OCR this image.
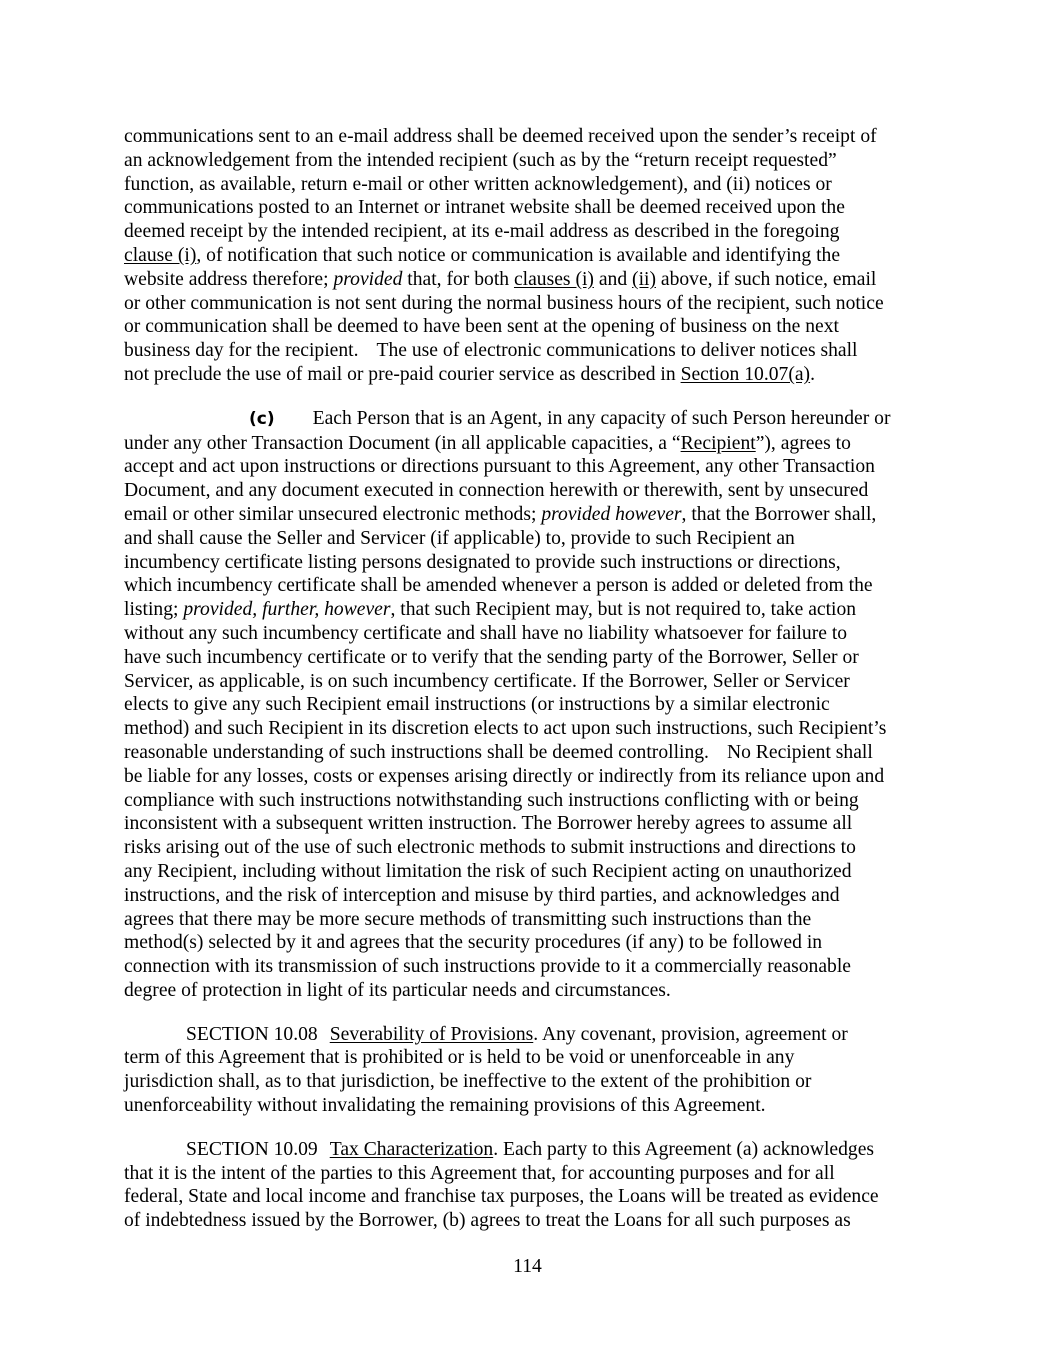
communications sent to an e-mail address shall be deemed received upon the sender’s receipt of
an acknowledgement from the intended recipient (such as by the “return receipt requested”
function, as available, return e-mail or other written acknowledgement), and (ii) notices or
communications posted to an Internet or intranet website shall be deemed received upon the
deemed receipt by the intended recipient, at its e-mail address as described in the foregoing
clause (i), of notification that such notice or communication is available and identifying the
website address therefore; provided that, for both clauses (i) and (ii) above, if such notice, email
or other communication is not sent during the normal business hours of the recipient, such notice
or communication shall be deemed to have been sent at the opening of business on the next
business day for the recipient. The use of electronic communications to deliver notices shall
not preclude the use of mail or pre-paid courier service as described in Section 10.07(a).
(c) Each Person that is an Agent, in any capacity of such Person hereunder or
under any other Transaction Document (in all applicable capacities, a “Recipient”), agrees to
accept and act upon instructions or directions pursuant to this Agreement, any other Transaction
Document, and any document executed in connection herewith or therewith, sent by unsecured
email or other similar unsecured electronic methods; provided however, that the Borrower shall,
and shall cause the Seller and Servicer (if applicable) to, provide to such Recipient an
incumbency certificate listing persons designated to provide such instructions or directions,
which incumbency certificate shall be amended whenever a person is added or deleted from the
listing; provided, further, however, that such Recipient may, but is not required to, take action
without any such incumbency certificate and shall have no liability whatsoever for failure to
have such incumbency certificate or to verify that the sending party of the Borrower, Seller or
Servicer, as applicable, is on such incumbency certificate. If the Borrower, Seller or Servicer
elects to give any such Recipient email instructions (or instructions by a similar electronic
method) and such Recipient in its discretion elects to act upon such instructions, such Recipient’s
reasonable understanding of such instructions shall be deemed controlling. No Recipient shall
be liable for any losses, costs or expenses arising directly or indirectly from its reliance upon and
compliance with such instructions notwithstanding such instructions conflicting with or being
inconsistent with a subsequent written instruction. The Borrower hereby agrees to assume all
risks arising out of the use of such electronic methods to submit instructions and directions to
any Recipient, including without limitation the risk of such Recipient acting on unauthorized
instructions, and the risk of interception and misuse by third parties, and acknowledges and
agrees that there may be more secure methods of transmitting such instructions than the
method(s) selected by it and agrees that the security procedures (if any) to be followed in
connection with its transmission of such instructions provide to it a commercially reasonable
degree of protection in light of its particular needs and circumstances.
SECTION 10.08 Severability of Provisions. Any covenant, provision, agreement or
term of this Agreement that is prohibited or is held to be void or unenforceable in any
jurisdiction shall, as to that jurisdiction, be ineffective to the extent of the prohibition or
unenforceability without invalidating the remaining provisions of this Agreement.
SECTION 10.09 Tax Characterization. Each party to this Agreement (a) acknowledges
that it is the intent of the parties to this Agreement that, for accounting purposes and for all
federal, State and local income and franchise tax purposes, the Loans will be treated as evidence
of indebtedness issued by the Borrower, (b) agrees to treat the Loans for all such purposes as
114
